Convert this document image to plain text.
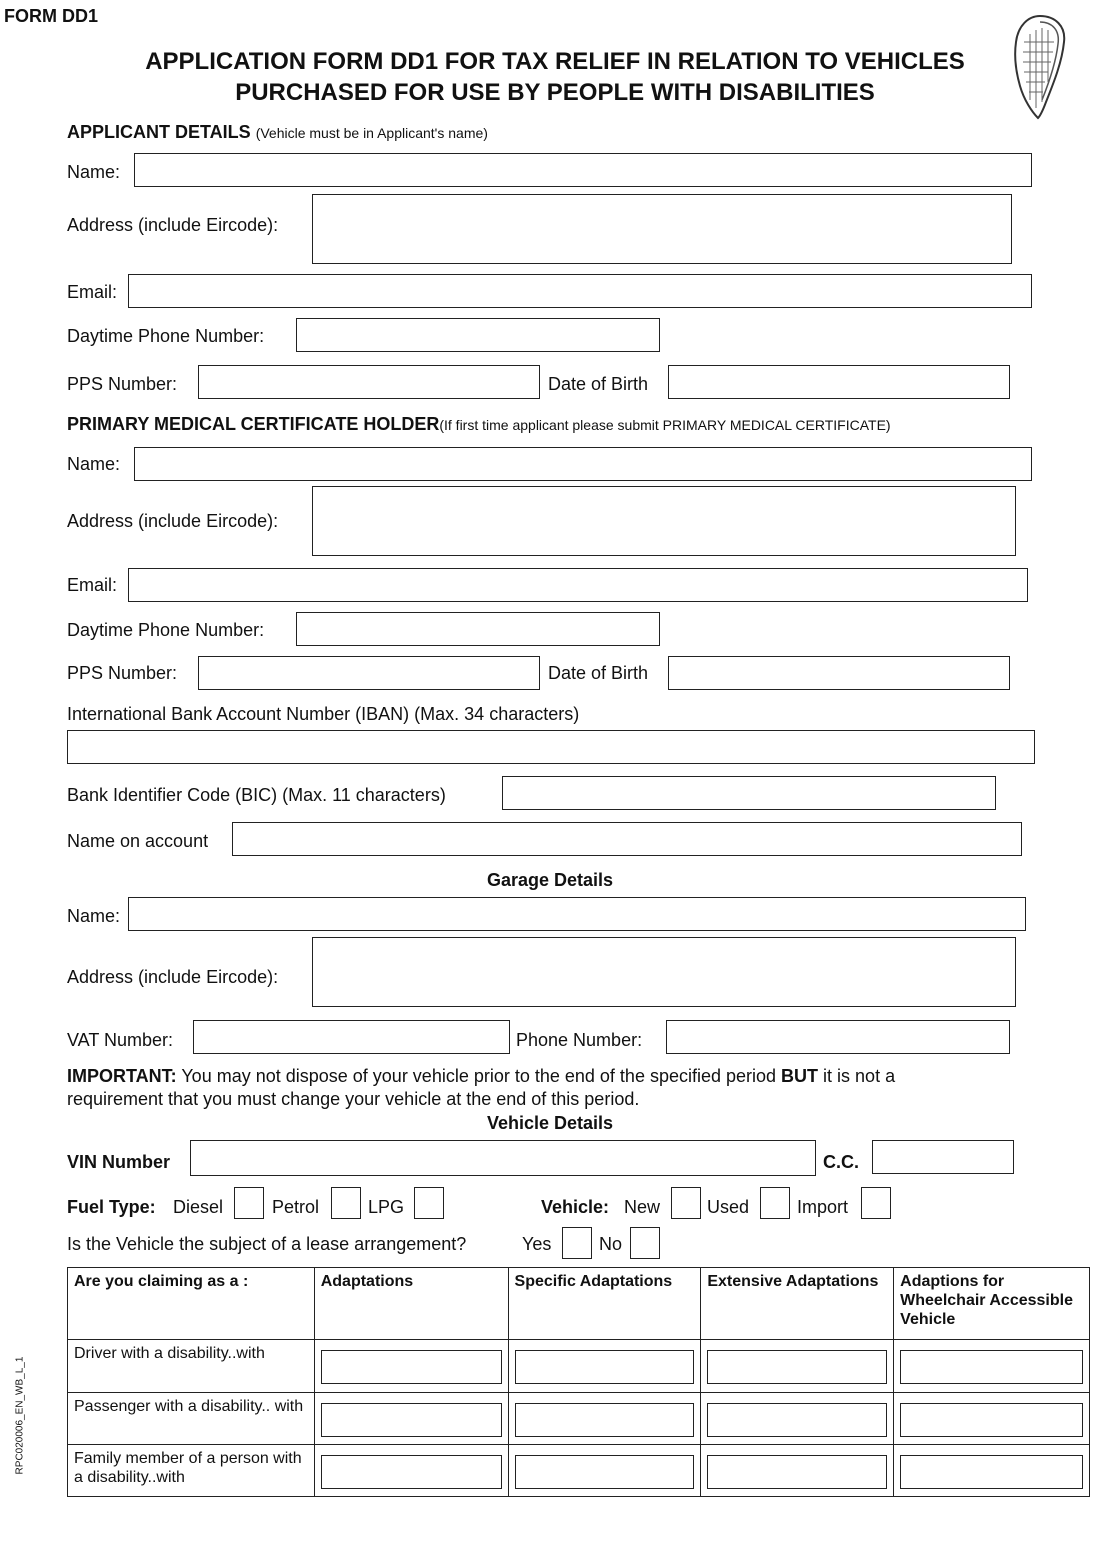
FORM DD1
APPLICATION FORM DD1 FOR TAX RELIEF IN RELATION TO VEHICLES
PURCHASED FOR USE BY PEOPLE WITH DISABILITIES
APPLICANT DETAILS (Vehicle must be in Applicant's name)
Name:
Address (include Eircode):
Email:
Daytime Phone Number:
PPS Number:	Date of Birth
PRIMARY MEDICAL CERTIFICATE HOLDER(If first time applicant please submit PRIMARY MEDICAL CERTIFICATE)
Name:
Address (include Eircode):
Email:
Daytime Phone Number:
PPS Number:	Date of Birth
International Bank Account Number (IBAN) (Max. 34 characters)
Bank Identifier Code (BIC) (Max. 11 characters)
Name on account
Garage Details
Name:
Address (include Eircode):
VAT Number:	Phone Number:
IMPORTANT: You may not dispose of your vehicle prior to the end of the specified period BUT it is not a
requirement that you must change your vehicle at the end of this period.
Vehicle Details
VIN Number	C.C.
Fuel Type: Diesel	Petrol	LPG	Vehicle: New	Used	Import
Is the Vehicle the subject of a lease arrangement?	Yes	No
Are you claiming as a :	Adaptations	Specific Adaptations	Extensive Adaptations	Adaptions for Wheelchair Accessible Vehicle
Driver with a disability..with	

Passenger with a disability.. with	

Family member of a person with a disability..with	

RPC020006_EN_WB_L_1
